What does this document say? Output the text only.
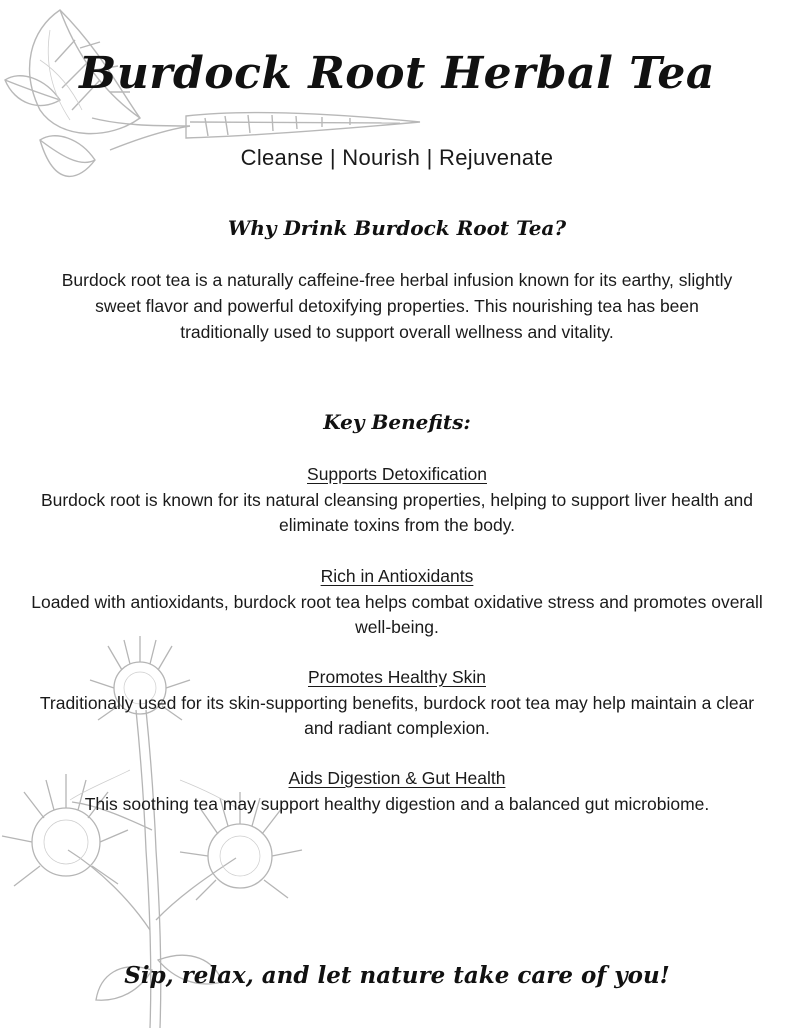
Burdock Root Herbal Tea
Cleanse | Nourish | Rejuvenate
Why Drink Burdock Root Tea?

Burdock root tea is a naturally caffeine-free herbal infusion known for its earthy, slightly sweet flavor and powerful detoxifying properties. This nourishing tea has been traditionally used to support overall wellness and vitality.

Key Benefits:
Supports Detoxification
Burdock root is known for its natural cleansing properties, helping to support liver health and eliminate toxins from the body.
Rich in Antioxidants
Loaded with antioxidants, burdock root tea helps combat oxidative stress and promotes overall well-being.
Promotes Healthy Skin
Traditionally used for its skin-supporting benefits, burdock root tea may help maintain a clear and radiant complexion.
Aids Digestion & Gut Health
This soothing tea may support healthy digestion and a balanced gut microbiome.
Sip, relax, and let nature take care of you!
